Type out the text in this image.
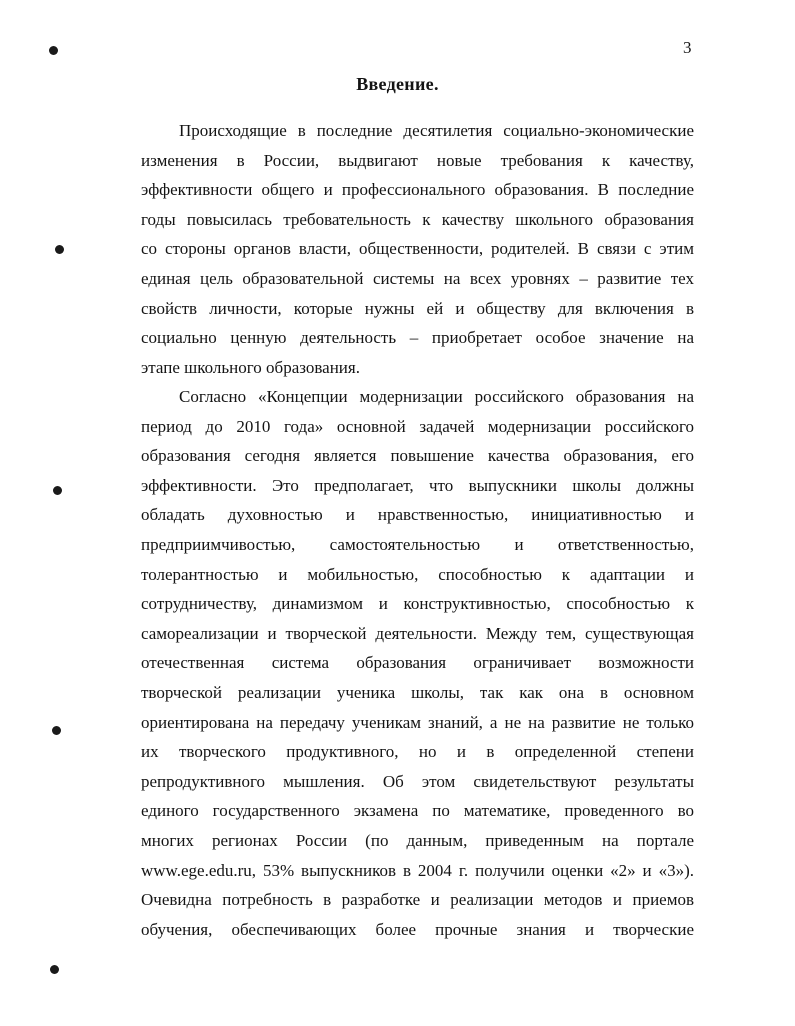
3
Введение.
Происходящие в последние десятилетия социально-экономические
изменения в России, выдвигают новые требования к качеству,
эффективности общего и профессионального образования. В последние
годы повысилась требовательность к качеству школьного образования
со стороны органов власти, общественности, родителей. В связи с этим
единая цель образовательной системы на всех уровнях – развитие тех
свойств личности, которые нужны ей и обществу для включения в
социально ценную деятельность – приобретает особое значение на
этапе школьного образования.
Согласно «Концепции модернизации российского образования на
период до 2010 года» основной задачей модернизации российского
образования сегодня является повышение качества образования, его
эффективности. Это предполагает, что выпускники школы должны
обладать духовностью и нравственностью, инициативностью и
предприимчивостью, самостоятельностью и ответственностью,
толерантностью и мобильностью, способностью к адаптации и
сотрудничеству, динамизмом и конструктивностью, способностью к
самореализации и творческой деятельности. Между тем, существующая
отечественная система образования ограничивает возможности
творческой реализации ученика школы, так как она в основном
ориентирована на передачу ученикам знаний, а не на развитие не только
их творческого продуктивного, но и в определенной степени
репродуктивного мышления. Об этом свидетельствуют результаты
единого государственного экзамена по математике, проведенного во
многих регионах России (по данным, приведенным на портале
www.ege.edu.ru, 53% выпускников в 2004 г. получили оценки «2» и «3»).
Очевидна потребность в разработке и реализации методов и приемов
обучения, обеспечивающих более прочные знания и творческие
